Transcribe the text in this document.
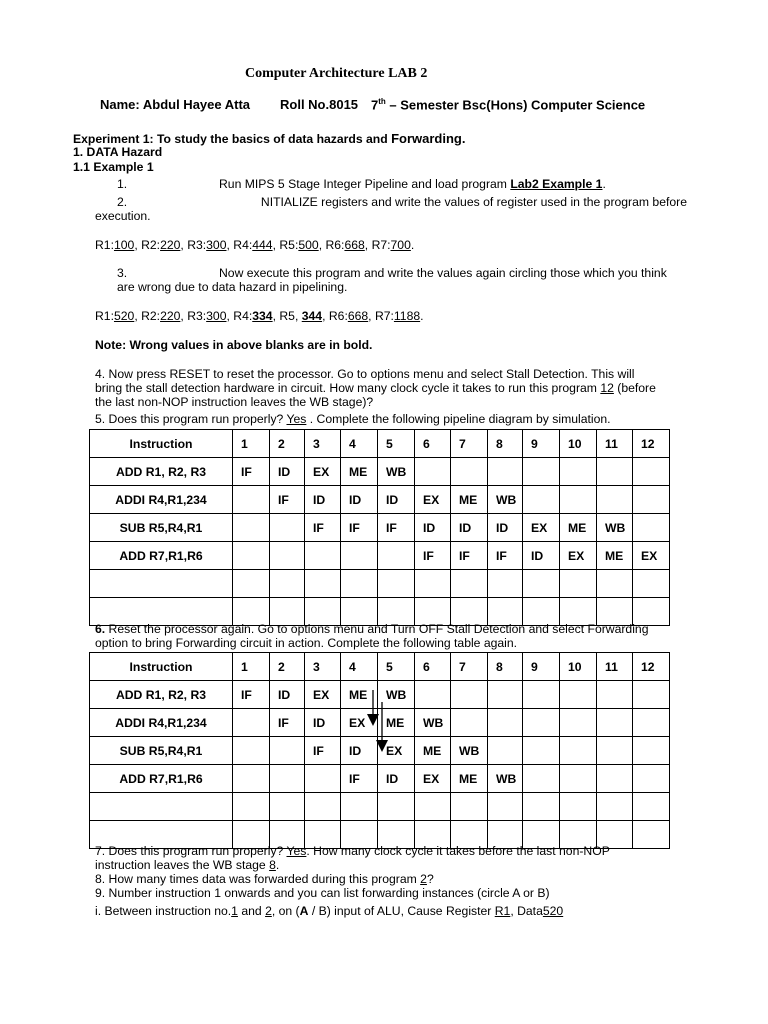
Computer Architecture LAB 2
Name: Abdul Hayee Atta Roll No.8015 7th – Semester Bsc(Hons) Computer Science
Experiment 1: To study the basics of data hazards and Forwarding.
1. DATA Hazard
1.1 Example 1
1.	Run MIPS 5 Stage Integer Pipeline and load program Lab2 Example 1.
2.	NITIALIZE registers and write the values of register used in the program before
execution.
R1:100, R2:220, R3:300, R4:444, R5:500, R6:668, R7:700.
3.	Now execute this program and write the values again circling those which you think
are wrong due to data hazard in pipelining.
R1:520, R2:220, R3:300, R4:334, R5, 344, R6:668, R7:1188.
Note: Wrong values in above blanks are in bold.
4. Now press RESET to reset the processor. Go to options menu and select Stall Detection. This will
bring the stall detection hardware in circuit. How many clock cycle it takes to run this program 12 (before
the last non-NOP instruction leaves the WB stage)?
5. Does this program run properly? Yes . Complete the following pipeline diagram by simulation.
Instruction	1	2	3	4	5	6	7	8	9	10	11	12
ADD R1, R2, R3	IF	ID	EX	ME	WB							
ADDI R4,R1,234		IF	ID	ID	ID	EX	ME	WB				
SUB R5,R4,R1			IF	IF	IF	ID	ID	ID	EX	ME	WB	
ADD R7,R1,R6						IF	IF	IF	ID	EX	ME	EX

6. Reset the processor again. Go to options menu and Turn OFF Stall Detection and select Forwarding
option to bring Forwarding circuit in action. Complete the following table again.
Instruction	1	2	3	4	5	6	7	8	9	10	11	12
ADD R1, R2, R3	IF	ID	EX	ME	WB							
ADDI R4,R1,234		IF	ID	EX	ME	WB						
SUB R5,R4,R1			IF	ID	EX	ME	WB					
ADD R7,R1,R6				IF	ID	EX	ME	WB				

7. Does this program run properly? Yes. How many clock cycle it takes before the last non-NOP
instruction leaves the WB stage 8.
8. How many times data was forwarded during this program 2?
9. Number instruction 1 onwards and you can list forwarding instances (circle A or B)
i. Between instruction no.1 and 2, on (A / B) input of ALU, Cause Register R1, Data520
